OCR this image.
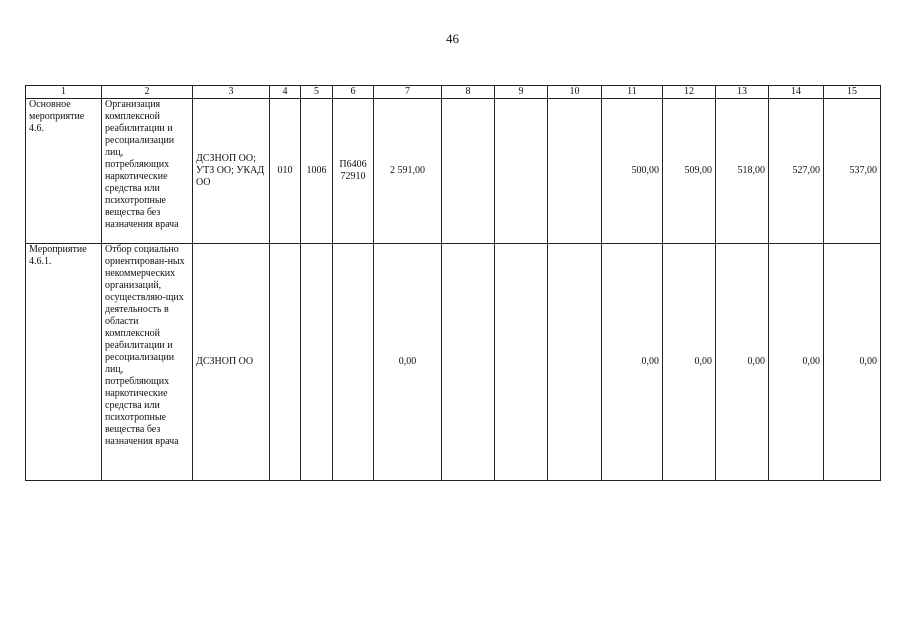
46
1	2	3	4	5	6	7	8	9	10	11	12	13	14	15
Основное мероприятие 4.6.	Организация комплексной реабилитации и ресоциализации лиц, потребляющих наркотические средства или психотропные вещества без назначения врача	ДСЗНОП ОО; УТЗ ОО; УКАД ОО	010	1006	П6406 72910	2 591,00				500,00	509,00	518,00	527,00	537,00
Мероприятие 4.6.1.	Отбор социально ориентирован-ных некоммерческих организаций, осуществляю-щих деятельность в области комплексной реабилитации и ресоциализации лиц, потребляющих наркотические средства или психотропные вещества без назначения врача	ДСЗНОП ОО				0,00				0,00	0,00	0,00	0,00	0,00
